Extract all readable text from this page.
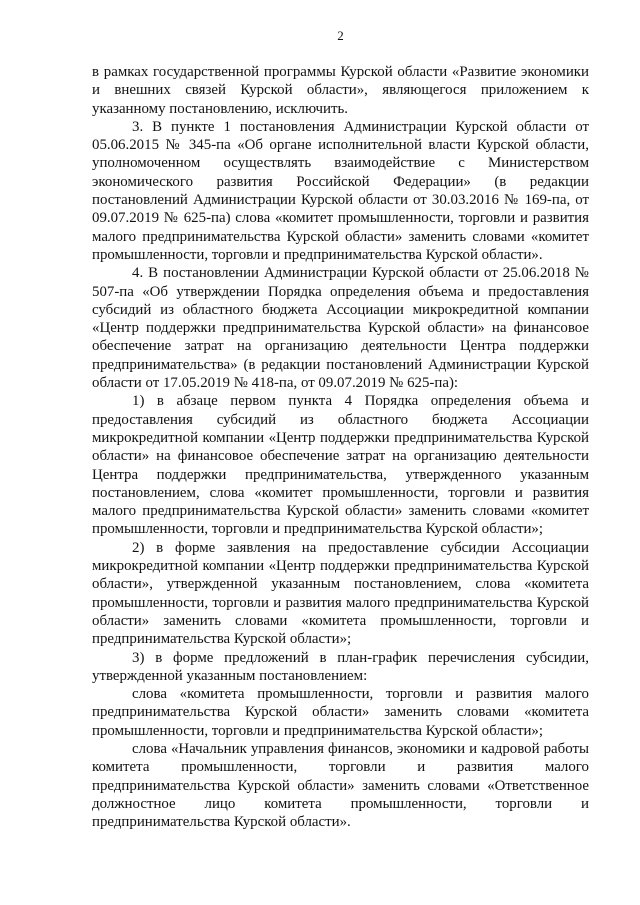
2

в рамках государственной программы Курской области «Развитие экономики и внешних связей Курской области», являющегося приложением к указанному постановлению, исключить.

3. В пункте 1 постановления Администрации Курской области от 05.06.2015 № 345-па «Об органе исполнительной власти Курской области, уполномоченном осуществлять взаимодействие с Министерством экономического развития Российской Федерации» (в редакции постановлений Администрации Курской области от 30.03.2016 № 169-па, от 09.07.2019 № 625-па) слова «комитет промышленности, торговли и развития малого предпринимательства Курской области» заменить словами «комитет промышленности, торговли и предпринимательства Курской области».

4. В постановлении Администрации Курской области от 25.06.2018 № 507-па «Об утверждении Порядка определения объема и предоставления субсидий из областного бюджета Ассоциации микрокредитной компании «Центр поддержки предпринимательства Курской области» на финансовое обеспечение затрат на организацию деятельности Центра поддержки предпринимательства» (в редакции постановлений Администрации Курской области от 17.05.2019 № 418-па, от 09.07.2019 № 625-па):

1) в абзаце первом пункта 4 Порядка определения объема и предоставления субсидий из областного бюджета Ассоциации микрокредитной компании «Центр поддержки предпринимательства Курской области» на финансовое обеспечение затрат на организацию деятельности Центра поддержки предпринимательства, утвержденного указанным постановлением, слова «комитет промышленности, торговли и развития малого предпринимательства Курской области» заменить словами «комитет промышленности, торговли и предпринимательства Курской области»;

2) в форме заявления на предоставление субсидии Ассоциации микрокредитной компании «Центр поддержки предпринимательства Курской области», утвержденной указанным постановлением, слова «комитета промышленности, торговли и развития малого предпринимательства Курской области» заменить словами «комитета промышленности, торговли и предпринимательства Курской области»;

3) в форме предложений в план-график перечисления субсидии, утвержденной указанным постановлением:

слова «комитета промышленности, торговли и развития малого предпринимательства Курской области» заменить словами «комитета промышленности, торговли и предпринимательства Курской области»;

слова «Начальник управления финансов, экономики и кадровой работы комитета промышленности, торговли и развития малого предпринимательства Курской области» заменить словами «Ответственное должностное лицо комитета промышленности, торговли и предпринимательства Курской области».
